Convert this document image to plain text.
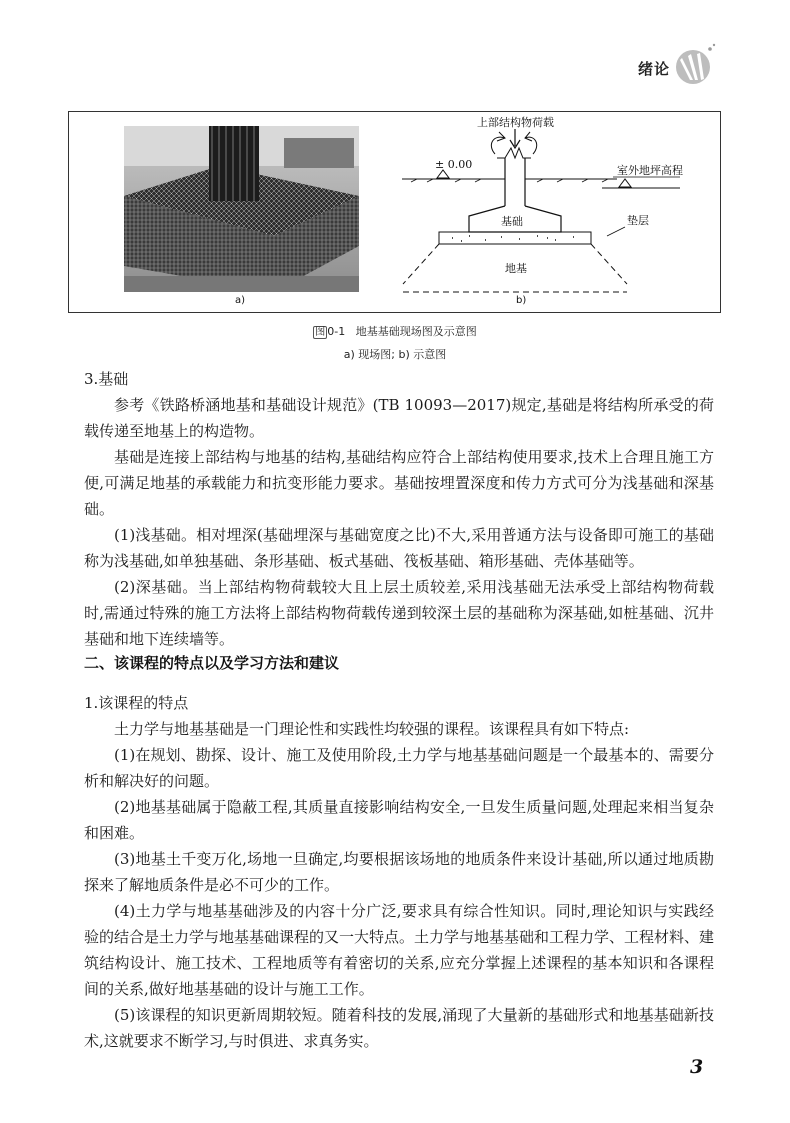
绪论
a)
上部结构物荷载
± 0.00	室外地坪高程
基础	垫层
地基
b)
图 0-1 地基基础现场图及示意图
a) 现场图; b) 示意图

3.基础

参考《铁路桥涵地基和基础设计规范》(TB 10093—2017)规定,基础是将结构所承受的荷载传递至地基上的构造物。

基础是连接上部结构与地基的结构,基础结构应符合上部结构使用要求,技术上合理且施工方便,可满足地基的承载能力和抗变形能力要求。基础按埋置深度和传力方式可分为浅基础和深基础。

(1)浅基础。相对埋深(基础埋深与基础宽度之比)不大,采用普通方法与设备即可施工的基础称为浅基础,如单独基础、条形基础、板式基础、筏板基础、箱形基础、壳体基础等。

(2)深基础。当上部结构物荷载较大且上层土质较差,采用浅基础无法承受上部结构物荷载时,需通过特殊的施工方法将上部结构物荷载传递到较深土层的基础称为深基础,如桩基础、沉井基础和地下连续墙等。

二、该课程的特点以及学习方法和建议

1.该课程的特点

土力学与地基基础是一门理论性和实践性均较强的课程。该课程具有如下特点:

(1)在规划、勘探、设计、施工及使用阶段,土力学与地基基础问题是一个最基本的、需要分析和解决好的问题。

(2)地基基础属于隐蔽工程,其质量直接影响结构安全,一旦发生质量问题,处理起来相当复杂和困难。

(3)地基土千变万化,场地一旦确定,均要根据该场地的地质条件来设计基础,所以通过地质勘探来了解地质条件是必不可少的工作。

(4)土力学与地基基础涉及的内容十分广泛,要求具有综合性知识。同时,理论知识与实践经验的结合是土力学与地基基础课程的又一大特点。土力学与地基基础和工程力学、工程材料、建筑结构设计、施工技术、工程地质等有着密切的关系,应充分掌握上述课程的基本知识和各课程间的关系,做好地基基础的设计与施工工作。

(5)该课程的知识更新周期较短。随着科技的发展,涌现了大量新的基础形式和地基基础新技术,这就要求不断学习,与时俱进、求真务实。

3
